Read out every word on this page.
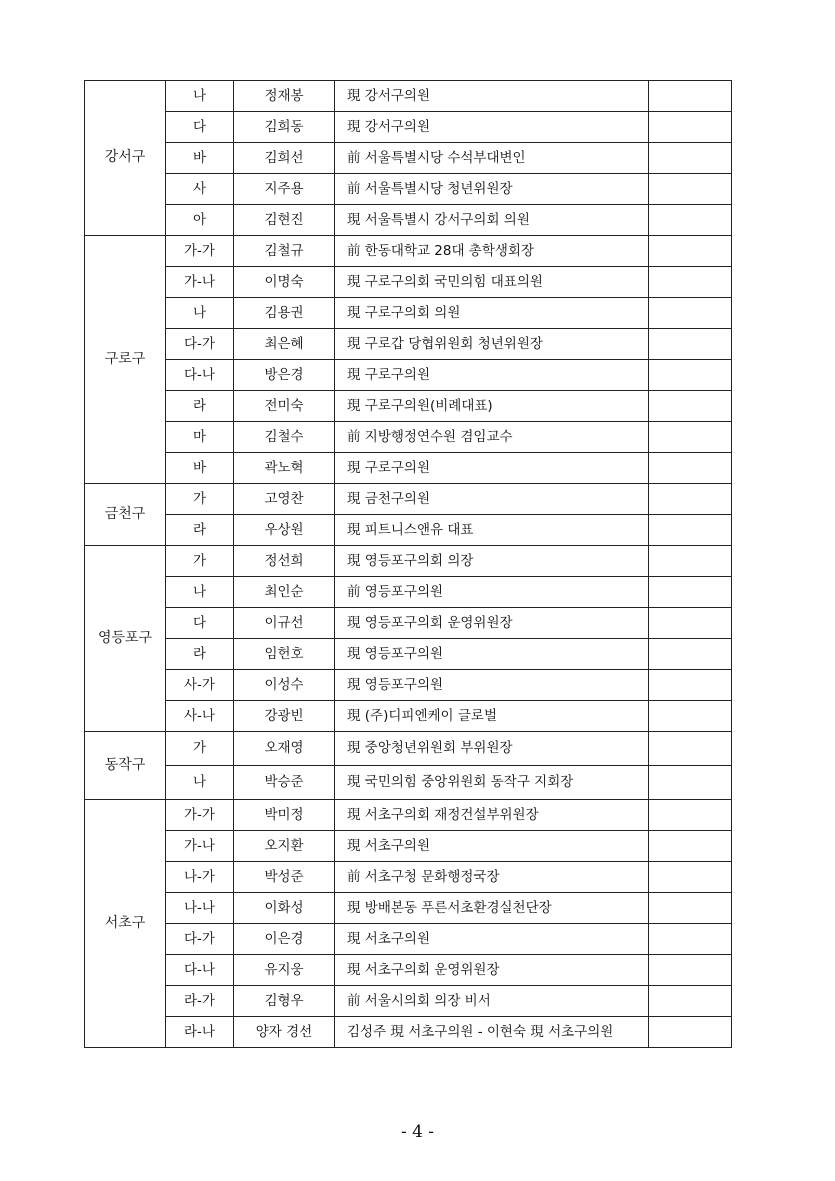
강서구	나	정재봉	現 강서구의원	
	다	김희동	現 강서구의원	
	바	김희선	前 서울특별시당 수석부대변인	
	사	지주용	前 서울특별시당 청년위원장	
	아	김현진	現 서울특별시 강서구의회 의원	
구로구	가-가	김철규	前 한동대학교 28대 총학생회장	
	가-나	이명숙	現 구로구의회 국민의힘 대표의원	
	나	김용권	現 구로구의회 의원	
	다-가	최은혜	現 구로갑 당협위원회 청년위원장	
	다-나	방은경	現 구로구의원	
	라	전미숙	現 구로구의원(비례대표)	
	마	김철수	前 지방행정연수원 겸임교수	
	바	곽노혁	現 구로구의원	
금천구	가	고영찬	現 금천구의원	
	라	우상원	現 피트니스앤유 대표	
영등포구	가	정선희	現 영등포구의회 의장	
	나	최인순	前 영등포구의원	
	다	이규선	現 영등포구의회 운영위원장	
	라	임헌호	現 영등포구의원	
	사-가	이성수	現 영등포구의원	
	사-나	강광빈	現 (주)디피엔케이 글로벌	
동작구	가	오재영	現 중앙청년위원회 부위원장	
	나	박승준	現 국민의힘 중앙위원회 동작구 지회장	
서초구	가-가	박미정	現 서초구의회 재정건설부위원장	
	가-나	오지환	現 서초구의원	
	나-가	박성준	前 서초구청 문화행정국장	
	나-나	이화성	現 방배본동 푸른서초환경실천단장	
	다-가	이은경	現 서초구의원	
	다-나	유지웅	現 서초구의회 운영위원장	
	라-가	김형우	前 서울시의회 의장 비서	
	라-나	양자 경선	김성주 現 서초구의원 - 이현숙 現 서초구의원	
- 4 -
